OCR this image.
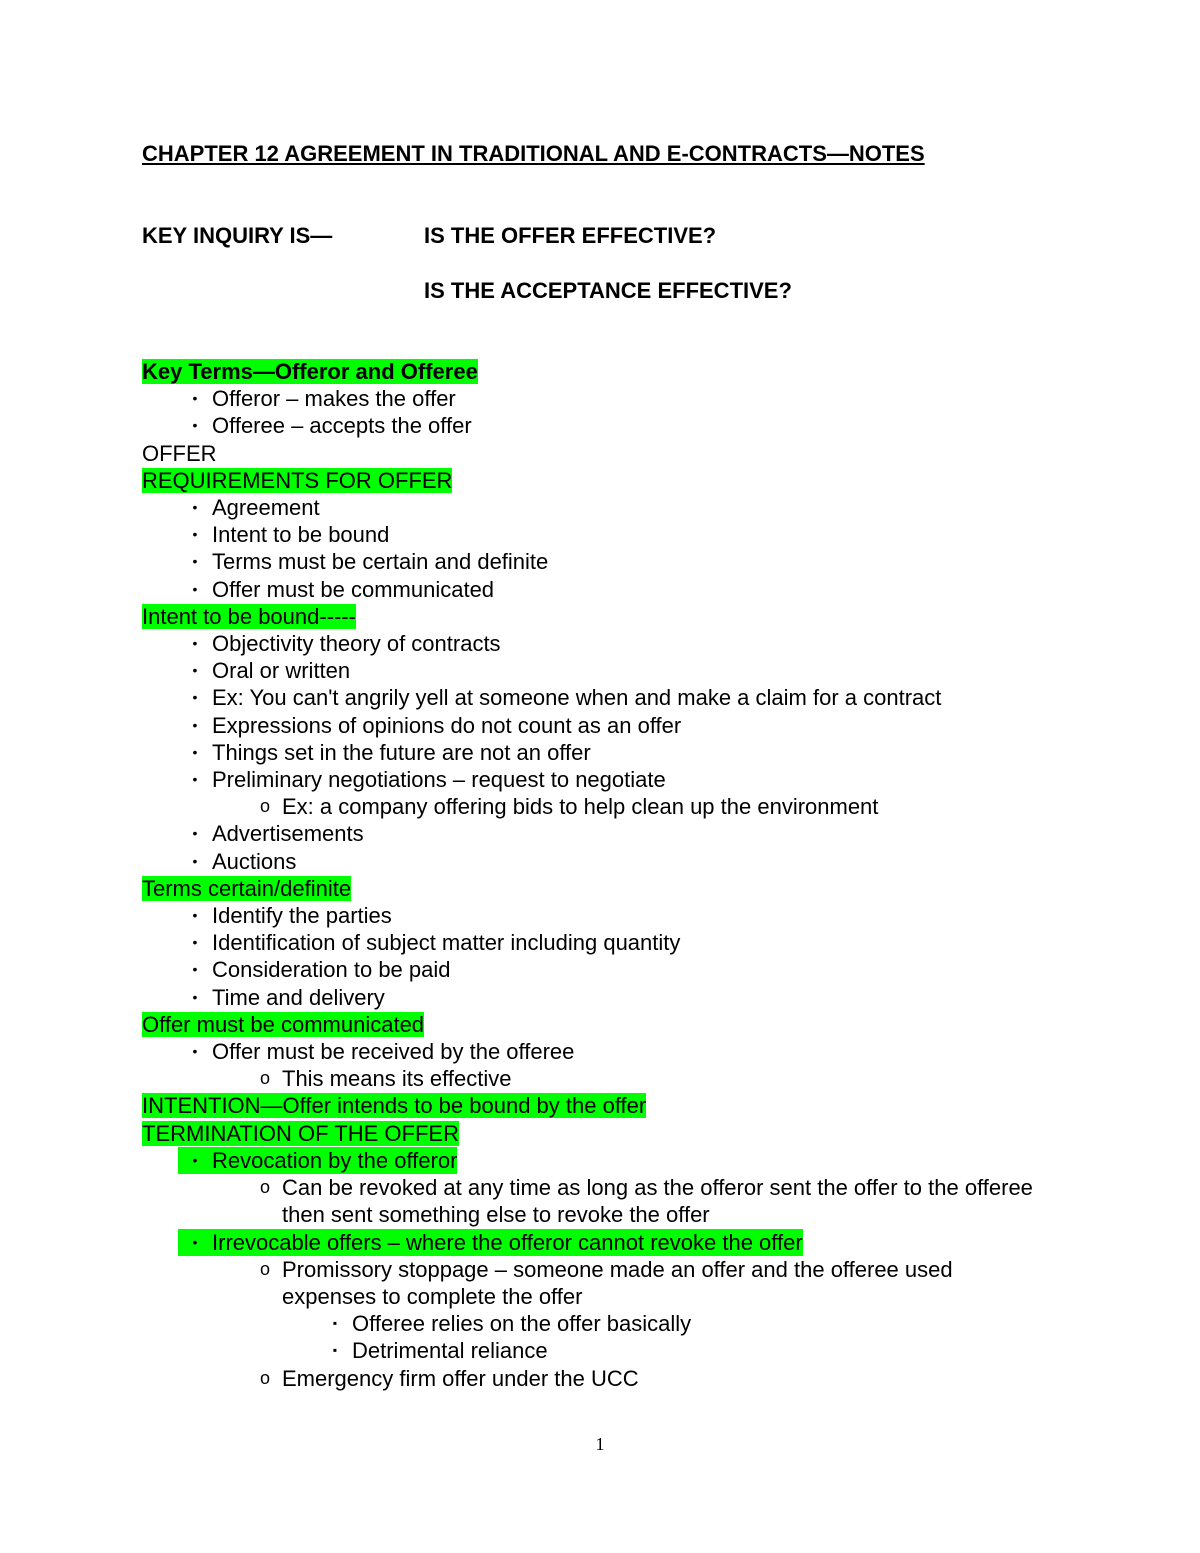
CHAPTER 12 AGREEMENT IN TRADITIONAL AND E-CONTRACTS—NOTES
KEY INQUIRY IS—	IS THE OFFER EFFECTIVE?
IS THE ACCEPTANCE EFFECTIVE?
Key Terms—Offeror and Offeree
• Offeror – makes the offer
• Offeree – accepts the offer
OFFER
REQUIREMENTS FOR OFFER
• Agreement
• Intent to be bound
• Terms must be certain and definite
• Offer must be communicated
Intent to be bound-----
• Objectivity theory of contracts
• Oral or written
• Ex: You can't angrily yell at someone when and make a claim for a contract
• Expressions of opinions do not count as an offer
• Things set in the future are not an offer
• Preliminary negotiations – request to negotiate
o Ex: a company offering bids to help clean up the environment
• Advertisements
• Auctions
Terms certain/definite
• Identify the parties
• Identification of subject matter including quantity
• Consideration to be paid
• Time and delivery
Offer must be communicated
• Offer must be received by the offeree
o This means its effective
INTENTION—Offer intends to be bound by the offer
TERMINATION OF THE OFFER
• Revocation by the offeror
o Can be revoked at any time as long as the offeror sent the offer to the offeree then sent something else to revoke the offer
• Irrevocable offers – where the offeror cannot revoke the offer
o Promissory stoppage – someone made an offer and the offeree used expenses to complete the offer
▪ Offeree relies on the offer basically
▪ Detrimental reliance
o Emergency firm offer under the UCC
1
